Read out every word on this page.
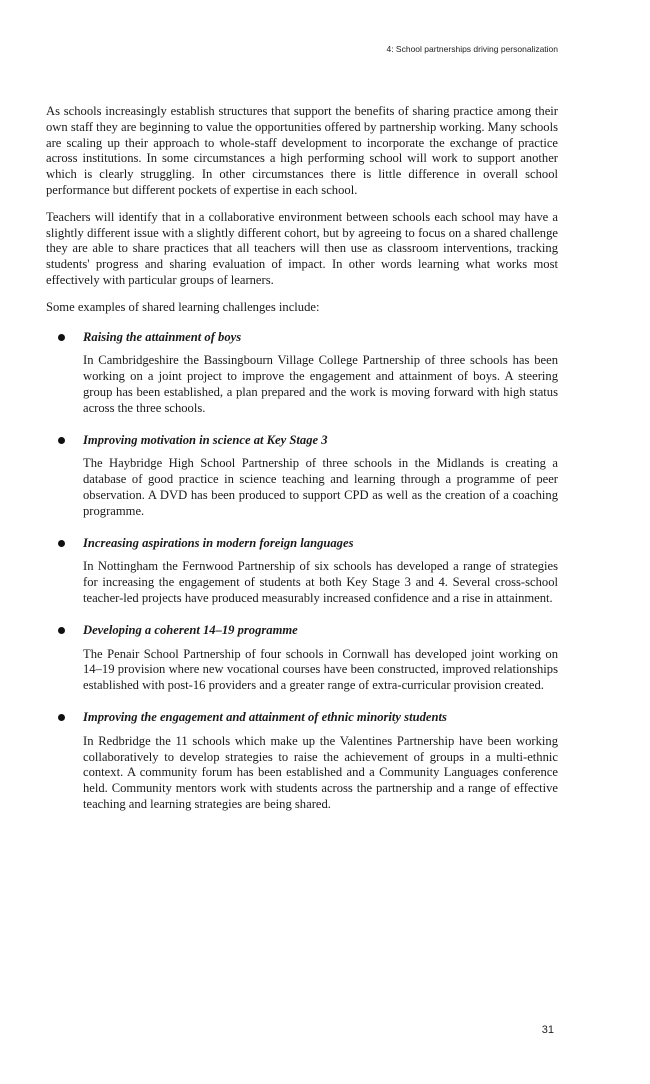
4: School partnerships driving personalization

As schools increasingly establish structures that support the benefits of sharing practice among their own staff they are beginning to value the opportunities offered by partnership working. Many schools are scaling up their approach to whole-staff development to incorporate the exchange of practice across institutions. In some circumstances a high performing school will work to support another which is clearly struggling. In other circumstances there is little difference in overall school performance but different pockets of expertise in each school.

Teachers will identify that in a collaborative environment between schools each school may have a slightly different issue with a slightly different cohort, but by agreeing to focus on a shared challenge they are able to share practices that all teachers will then use as classroom interventions, tracking students' progress and sharing evaluation of impact. In other words learning what works most effectively with particular groups of learners.

Some examples of shared learning challenges include:

Raising the attainment of boys

In Cambridgeshire the Bassingbourn Village College Partnership of three schools has been working on a joint project to improve the engagement and attainment of boys. A steering group has been established, a plan prepared and the work is moving forward with high status across the three schools.

Improving motivation in science at Key Stage 3

The Haybridge High School Partnership of three schools in the Midlands is creating a database of good practice in science teaching and learning through a programme of peer observation. A DVD has been produced to support CPD as well as the creation of a coaching programme.

Increasing aspirations in modern foreign languages

In Nottingham the Fernwood Partnership of six schools has developed a range of strategies for increasing the engagement of students at both Key Stage 3 and 4. Several cross-school teacher-led projects have produced measurably increased confidence and a rise in attainment.

Developing a coherent 14–19 programme

The Penair School Partnership of four schools in Cornwall has developed joint working on 14–19 provision where new vocational courses have been constructed, improved relationships established with post-16 providers and a greater range of extra-curricular provision created.

Improving the engagement and attainment of ethnic minority students

In Redbridge the 11 schools which make up the Valentines Partnership have been working collaboratively to develop strategies to raise the achievement of groups in a multi-ethnic context. A community forum has been established and a Community Languages conference held. Community mentors work with students across the partnership and a range of effective teaching and learning strategies are being shared.

31
